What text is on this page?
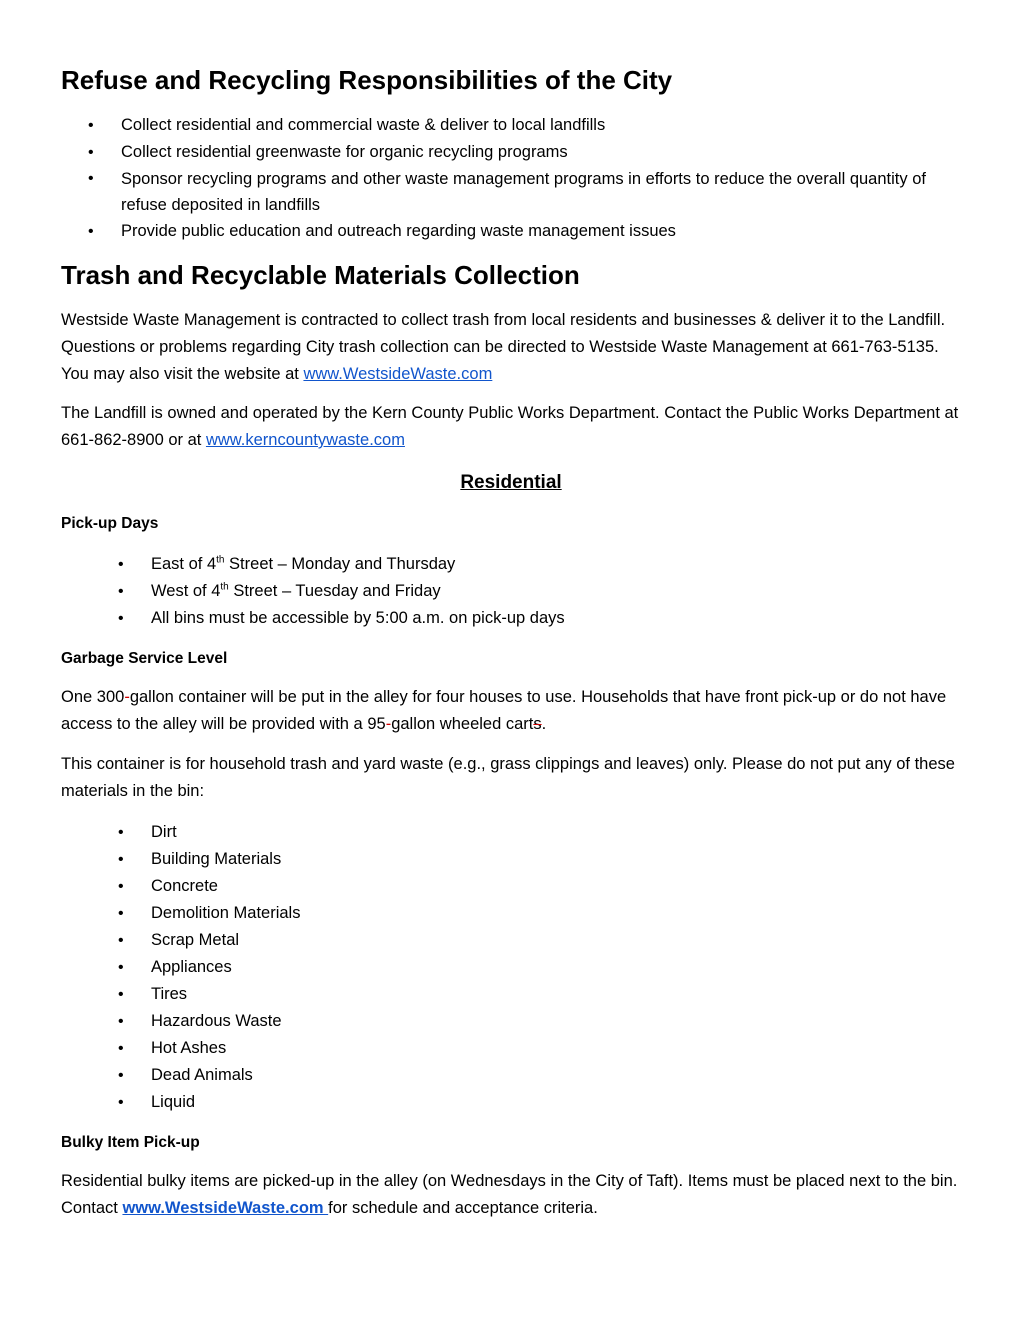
Refuse and Recycling Responsibilities of the City
• Collect residential and commercial waste & deliver to local landfills
• Collect residential greenwaste for organic recycling programs
• Sponsor recycling programs and other waste management programs in efforts to reduce the overall quantity of refuse deposited in landfills
• Provide public education and outreach regarding waste management issues
Trash and Recyclable Materials Collection

Westside Waste Management is contracted to collect trash from local residents and businesses & deliver it to the Landfill. Questions or problems regarding City trash collection can be directed to Westside Waste Management at 661-763-5135. You may also visit the website at www.WestsideWaste.com

The Landfill is owned and operated by the Kern County Public Works Department. Contact the Public Works Department at 661-862-8900 or at www.kerncountywaste.com

Residential
Pick-up Days
• East of 4th Street – Monday and Thursday
• West of 4th Street – Tuesday and Friday
• All bins must be accessible by 5:00 a.m. on pick-up days
Garbage Service Level

One 300-gallon container will be put in the alley for four houses to use. Households that have front pick-up or do not have access to the alley will be provided with a 95-gallon wheeled carts.

This container is for household trash and yard waste (e.g., grass clippings and leaves) only. Please do not put any of these materials in the bin:

• Dirt
• Building Materials
• Concrete
• Demolition Materials
• Scrap Metal
• Appliances
• Tires
• Hazardous Waste
• Hot Ashes
• Dead Animals
• Liquid
Bulky Item Pick-up

Residential bulky items are picked-up in the alley (on Wednesdays in the City of Taft). Items must be placed next to the bin. Contact www.WestsideWaste.com for schedule and acceptance criteria.
